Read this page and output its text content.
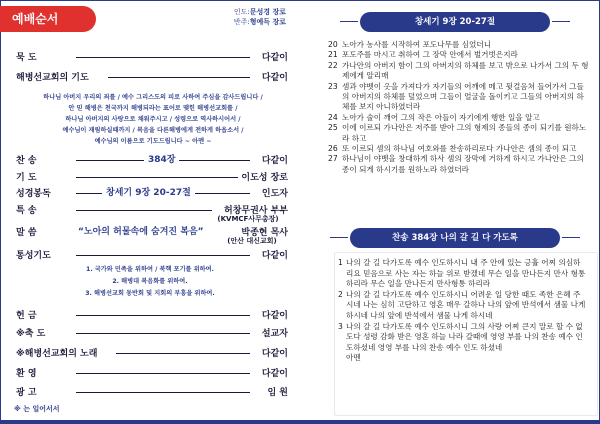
예배순서	인도:문성경 장로
반주:형예득 장로
묵 도	다같이
해병선교회의 기도	다같이
하나님 아버지 우리의 죄를 / 예수 그리스도의 피로 사하여 주심을 감사드립니다 /
안 믿 해병은 천국까지 해병되라는 표어로 맺힌 해병선교회를 /
하나님 아버지의 사랑으로 채워주시고 / 성령으로 역사하시어서 /
예수님이 재림하실때까지 / 복음을 다른해병에게 전하게 하옵소서 /
예수님의 이름으로 기도드립니다 ~ 아멘 ~
찬 송	384장	다같이
기 도	이도성 장로
성경봉독	창세기 9장 20-27절	인도자
특 송	허창무권사 부부
(KVMCF사무총장)
말 씀	“노아의 허물속에 숨겨진 복음”	박종현 목사
(안산 대신교회)
통성기도	다같이
1. 국가와 민족을 위하여 / 북핵 포기를 위하여.
2. 해병대 복음화를 위하여.
3. 해병선교회 동반회 및 지회의 부흥을 위하여.
헌 금	다같이
※축 도	설교자
※해병선교회의 노래	다같이
환 영	다같이
광 고	임 원
※ 는 일어서서
창세기 9장 20-27절
20 노아가 농사를 시작하여 포도나무를 심었더니
21 포도주를 마시고 취하여 그 장막 안에서 벌거벗은지라
22 가나안의 아버지 함이 그의 아버지의 하체를 보고 밖으로 나가서 그의 두 형제에게 알리매
23 셈과 야벳이 옷을 가져다가 자기들의 어깨에 메고 뒷걸음쳐 들어가서 그들의 아버지의 하체를 덮었으며 그들이 얼굴을 돌이키고 그들의 아버지의 하체를 보지 아니하였더라
24 노아가 술이 깨어 그의 작은 아들이 자기에게 행한 일을 알고
25 이에 이르되 가나안은 저주를 받아 그의 형제의 종들의 종이 되기를 원하노라 하고
26 또 이르되 셈의 하나님 여호와를 찬송하리로다 가나안은 셈의 종이 되고
27 하나님이 야벳을 창대하게 하사 셈의 장막에 거하게 하시고 가나안은 그의 종이 되게 하시기를 원하노라 하였더라
찬송 384장 나의 갈 길 다 가도록
1 나의 갈 길 다가도록 예수 인도하시니 내 주 안에 있는 긍휼 어찌 의심하리요 믿음으로 사는 자는 하늘 위로 받겠네 무슨 일을 만나든지 만사 형통하리라 무슨 일을 만나든지 만사형통 하리라
2 나의 갈 길 다가도록 예수 인도하시니 어려운 일 당한 때도 족한 은혜 주시네 나는 심히 고단하고 영혼 매우 갈하나 나의 앞에 반석에서 샘물 나게 하시네 나의 앞에 반석에서 샘물 나게 하시네
3 나의 갈 길 다가도록 예수 인도하시니 그의 사랑 어찌 큰지 말로 할 수 없도다 성령 감화 받은 영혼 하늘 나라 갈때에 영영 부를 나의 찬송 예수 인도하셨네 영영 부를 나의 찬송 예수 인도 하셨네
아멘
